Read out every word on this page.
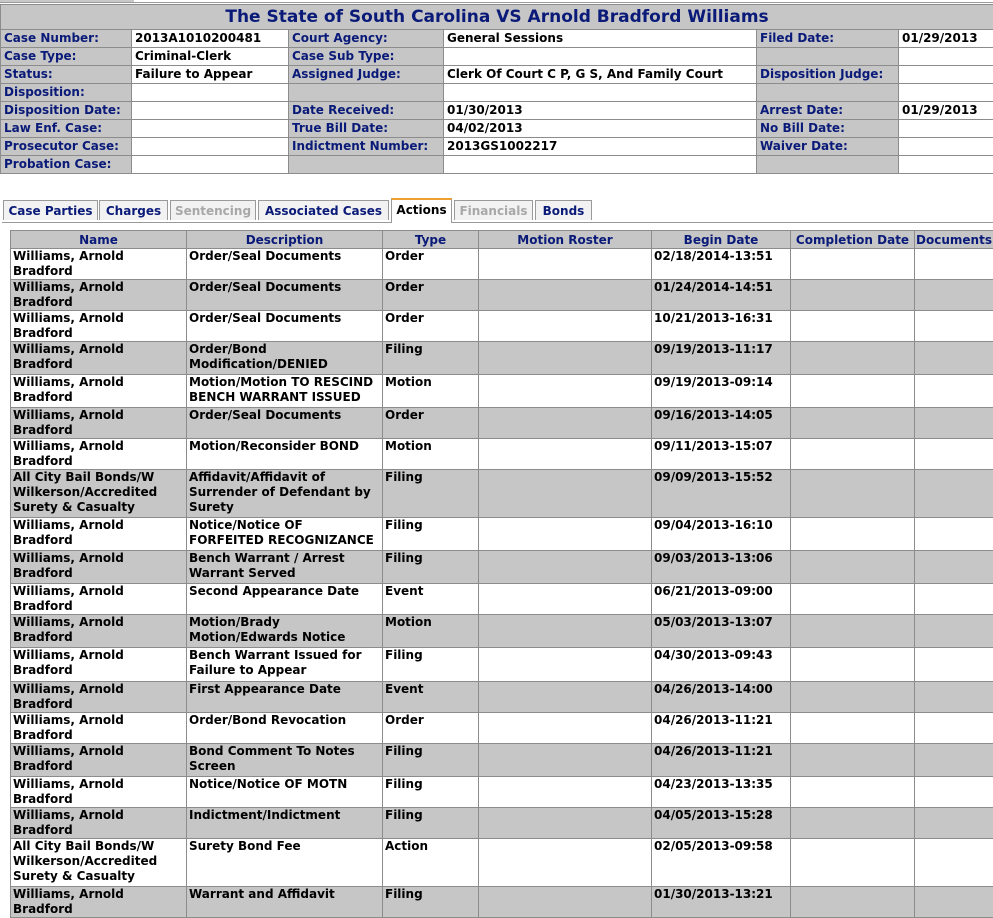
The State of South Carolina VS Arnold Bradford Williams					
Case Number:	2013A1010200481	Court Agency:	General Sessions	Filed Date:	01/29/2013
Case Type:	Criminal-Clerk	Case Sub Type:			
Status:	Failure to Appear	Assigned Judge:	Clerk Of Court C P, G S, And Family Court	Disposition Judge:	
Disposition:					
Disposition Date:		Date Received:	01/30/2013	Arrest Date:	01/29/2013
Law Enf. Case:		True Bill Date:	04/02/2013	No Bill Date:	
Prosecutor Case:		Indictment Number:	2013GS1002217	Waiver Date:	
Probation Case:					
Case Parties	Charges	Sentencing	Associated Cases	Actions	Financials	Bonds
Name	Description	Type	Motion Roster	Begin Date	Completion Date	Documents
Williams, Arnold Bradford	Order/Seal Documents	Order		02/18/2014-13:51		
Williams, Arnold Bradford	Order/Seal Documents	Order		01/24/2014-14:51		
Williams, Arnold Bradford	Order/Seal Documents	Order		10/21/2013-16:31		
Williams, Arnold Bradford	Order/Bond Modification/DENIED	Filing		09/19/2013-11:17		
Williams, Arnold Bradford	Motion/Motion TO RESCIND BENCH WARRANT ISSUED	Motion		09/19/2013-09:14		
Williams, Arnold Bradford	Order/Seal Documents	Order		09/16/2013-14:05		
Williams, Arnold Bradford	Motion/Reconsider BOND	Motion		09/11/2013-15:07		
All City Bail Bonds/W Wilkerson/Accredited Surety & Casualty	Affidavit/Affidavit of Surrender of Defendant by Surety	Filing		09/09/2013-15:52		
Williams, Arnold Bradford	Notice/Notice OF FORFEITED RECOGNIZANCE	Filing		09/04/2013-16:10		
Williams, Arnold Bradford	Bench Warrant / Arrest Warrant Served	Filing		09/03/2013-13:06		
Williams, Arnold Bradford	Second Appearance Date	Event		06/21/2013-09:00		
Williams, Arnold Bradford	Motion/Brady Motion/Edwards Notice	Motion		05/03/2013-13:07		
Williams, Arnold Bradford	Bench Warrant Issued for Failure to Appear	Filing		04/30/2013-09:43		
Williams, Arnold Bradford	First Appearance Date	Event		04/26/2013-14:00		
Williams, Arnold Bradford	Order/Bond Revocation	Order		04/26/2013-11:21		
Williams, Arnold Bradford	Bond Comment To Notes Screen	Filing		04/26/2013-11:21		
Williams, Arnold Bradford	Notice/Notice OF MOTN	Filing		04/23/2013-13:35		
Williams, Arnold Bradford	Indictment/Indictment	Filing		04/05/2013-15:28		
All City Bail Bonds/W Wilkerson/Accredited Surety & Casualty	Surety Bond Fee	Action		02/05/2013-09:58		
Williams, Arnold Bradford	Warrant and Affidavit	Filing		01/30/2013-13:21		
